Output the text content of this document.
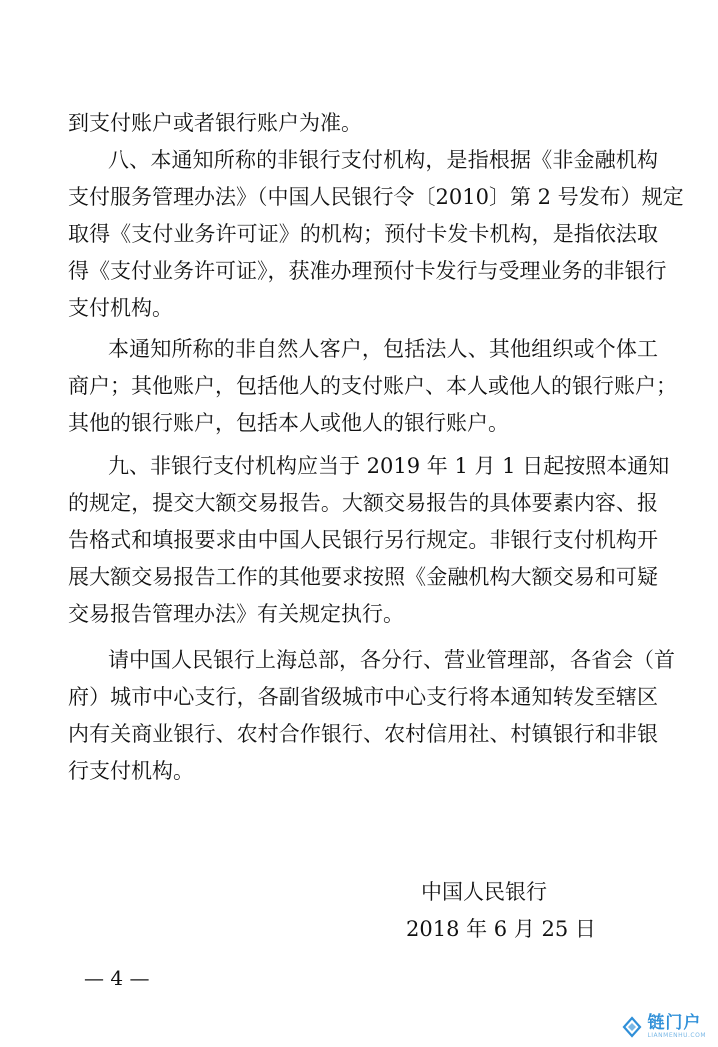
到支付账户或者银行账户为准。
八、本通知所称的非银行支付机构，是指根据《非金融机构
支付服务管理办法》（中国人民银行令〔2010〕第 2 号发布）规定
取得《支付业务许可证》的机构；预付卡发卡机构，是指依法取
得《支付业务许可证》，获准办理预付卡发行与受理业务的非银行
支付机构。
本通知所称的非自然人客户，包括法人、其他组织或个体工
商户；其他账户，包括他人的支付账户、本人或他人的银行账户；
其他的银行账户，包括本人或他人的银行账户。
九、非银行支付机构应当于 2019 年 1 月 1 日起按照本通知
的规定，提交大额交易报告。大额交易报告的具体要素内容、报
告格式和填报要求由中国人民银行另行规定。非银行支付机构开
展大额交易报告工作的其他要求按照《金融机构大额交易和可疑
交易报告管理办法》有关规定执行。
请中国人民银行上海总部，各分行、营业管理部，各省会（首
府）城市中心支行，各副省级城市中心支行将本通知转发至辖区
内有关商业银行、农村合作银行、农村信用社、村镇银行和非银
行支付机构。
中国人民银行
2018 年 6 月 25 日
— 4 —
链门户
LIANMENHU.COM
